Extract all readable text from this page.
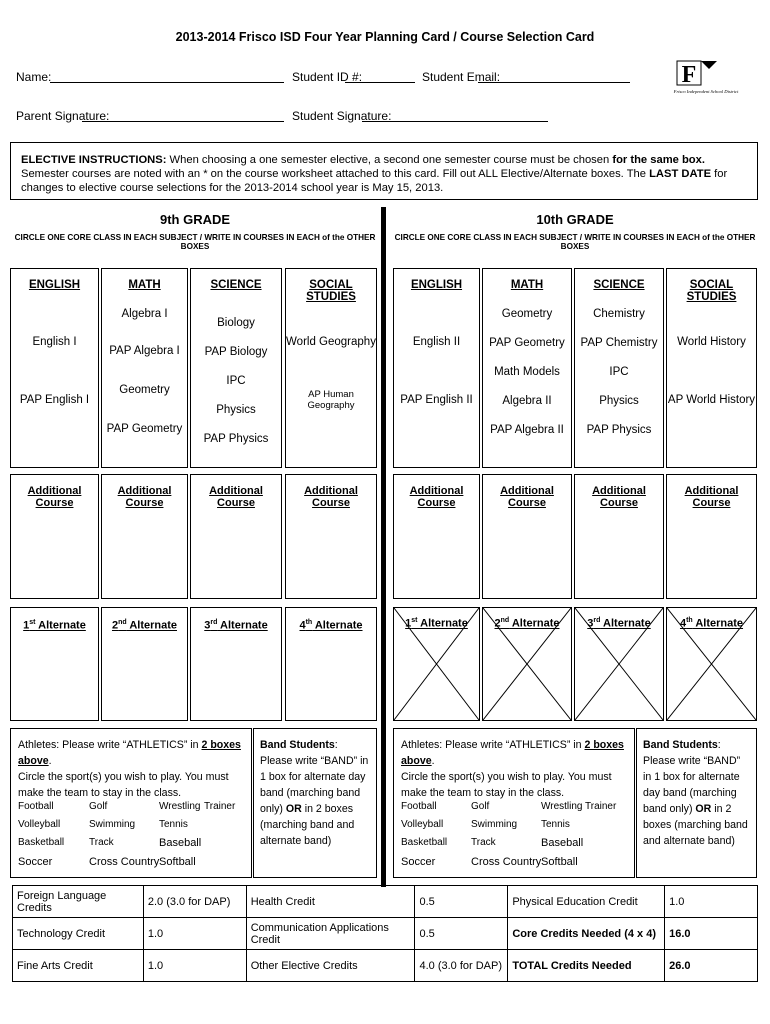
2013-2014 Frisco ISD Four Year Planning Card / Course Selection Card
Name:	Student ID #:	Student Email:
Parent Signature:	Student Signature:
F
Frisco Independent School District
ELECTIVE INSTRUCTIONS: When choosing a one semester elective, a second one semester course must be chosen for the same box. Semester courses are noted with an * on the course worksheet attached to this card. Fill out ALL Elective/Alternate boxes. The LAST DATE for changes to elective course selections for the 2013-2014 school year is May 15, 2013.
9th GRADE
CIRCLE ONE CORE CLASS IN EACH SUBJECT / WRITE IN COURSES IN EACH of the OTHER BOXES
ENGLISH
English I
PAP English I
MATH
Algebra I
PAP Algebra I
Geometry
PAP Geometry
SCIENCE
Biology
PAP Biology
IPC
Physics
PAP Physics
SOCIAL STUDIES
World Geography
AP Human Geography
Additional Course
Additional Course
Additional Course
Additional Course
1st Alternate	2nd Alternate	3rd Alternate	4th Alternate
Athletes: Please write “ATHLETICS” in 2 boxes above.
Circle the sport(s) you wish to play. You must make the team to stay in the class.
Football	Golf	Wrestling Trainer
Volleyball	Swimming Tennis
Basketball Track	Baseball
Soccer	Cross Country Softball
Band Students: Please write “BAND” in 1 box for alternate day band (marching band only) OR in 2 boxes (marching band and alternate band)
10th GRADE
CIRCLE ONE CORE CLASS IN EACH SUBJECT / WRITE IN COURSES IN EACH of the OTHER BOXES
ENGLISH
English II
PAP English II
MATH
Geometry
PAP Geometry
Math Models
Algebra II
PAP Algebra II
SCIENCE
Chemistry
PAP Chemistry
IPC
Physics
PAP Physics
SOCIAL STUDIES
World History
AP World History
Additional Course
Additional Course
Additional Course
Additional Course
1st Alternate	2nd Alternate	3rd Alternate	4th Alternate
Athletes: Please write “ATHLETICS” in 2 boxes above.
Circle the sport(s) you wish to play. You must make the team to stay in the class.
Football	Golf	Wrestling Trainer
Volleyball	Swimming Tennis
Basketball Track	Baseball
Soccer	Cross Country Softball
Band Students: Please write “BAND” in 1 box for alternate day band (marching band only) OR in 2 boxes (marching band and alternate band)
Foreign Language Credits	2.0 (3.0 for DAP)	Health Credit	0.5	Physical Education Credit	1.0
Technology Credit	1.0	Communication Applications Credit	0.5	Core Credits Needed (4 x 4)	16.0
Fine Arts Credit	1.0	Other Elective Credits	4.0 (3.0 for DAP)	TOTAL Credits Needed	26.0
